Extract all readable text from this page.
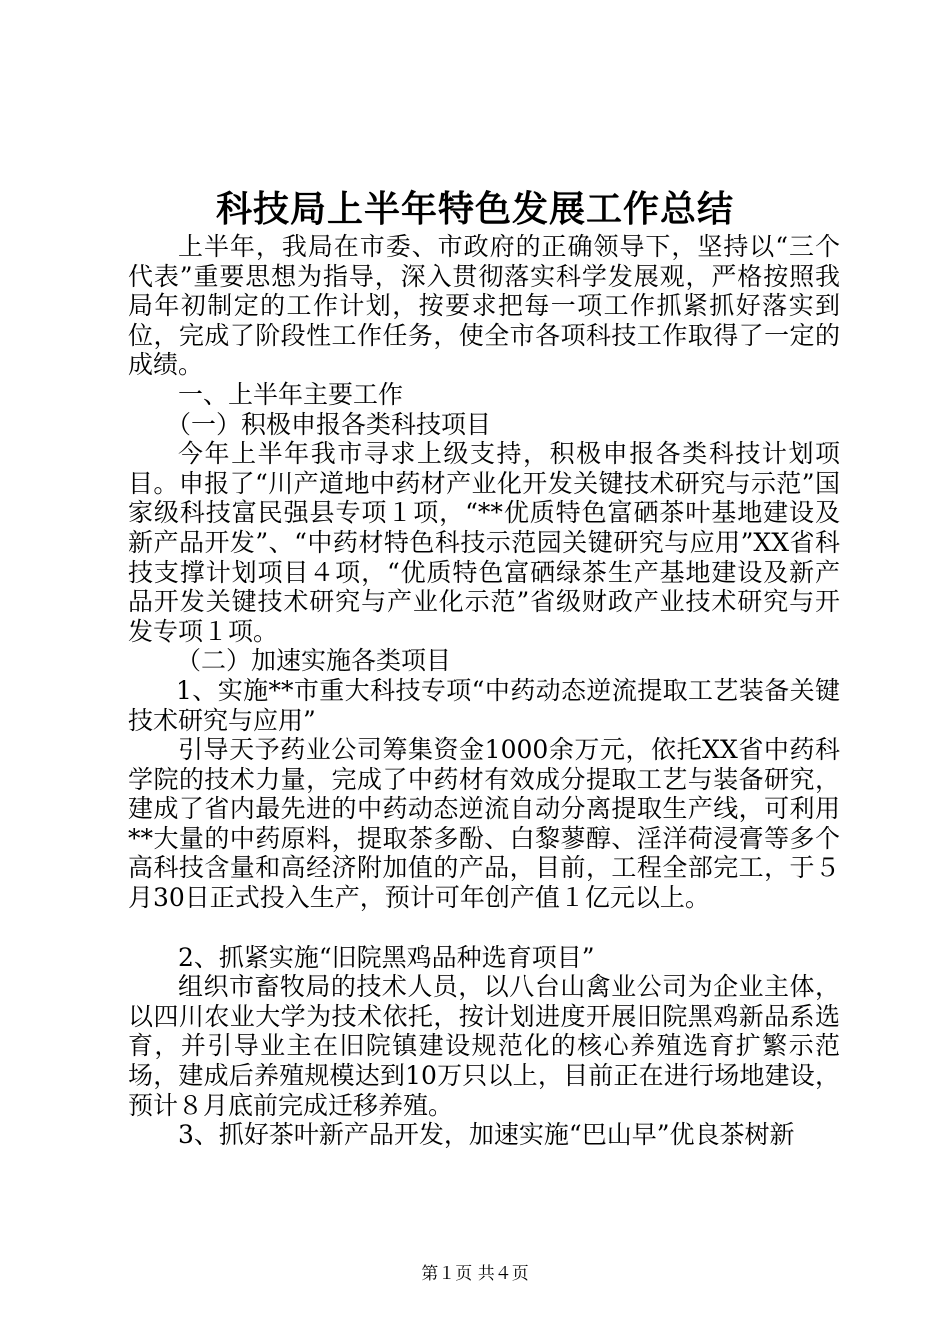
科技局上半年特色发展工作总结

上半年，我局在市委、市政府的正确领导下，坚持以“三个代表”重要思想为指导，深入贯彻落实科学发展观，严格按照我局年初制定的工作计划，按要求把每一项工作抓紧抓好落实到位，完成了阶段性工作任务，使全市各项科技工作取得了一定的成绩。

一、上半年主要工作

（一）积极申报各类科技项目

今年上半年我市寻求上级支持，积极申报各类科技计划项目。申报了“川产道地中药材产业化开发关键技术研究与示范”国家级科技富民强县专项１项，“**优质特色富硒茶叶基地建设及新产品开发”、“中药材特色科技示范园关键研究与应用”XX省科技支撑计划项目４项，“优质特色富硒绿茶生产基地建设及新产品开发关键技术研究与产业化示范”省级财政产业技术研究与开发专项１项。

（二）加速实施各类项目

1、实施**市重大科技专项“中药动态逆流提取工艺装备关键技术研究与应用”

引导天予药业公司筹集资金1000余万元，依托XX省中药科学院的技术力量，完成了中药材有效成分提取工艺与装备研究，建成了省内最先进的中药动态逆流自动分离提取生产线，可利用**大量的中药原料，提取茶多酚、白黎蓼醇、淫洋荷浸膏等多个高科技含量和高经济附加值的产品，目前，工程全部完工，于５月30日正式投入生产，预计可年创产值１亿元以上。

2、抓紧实施“旧院黑鸡品种选育项目”

组织市畜牧局的技术人员，以八台山禽业公司为企业主体，以四川农业大学为技术依托，按计划进度开展旧院黑鸡新品系选育，并引导业主在旧院镇建设规范化的核心养殖选育扩繁示范场，建成后养殖规模达到10万只以上，目前正在进行场地建设，预计８月底前完成迁移养殖。

3、抓好茶叶新产品开发，加速实施“巴山早”优良茶树新

第１页 共４页
